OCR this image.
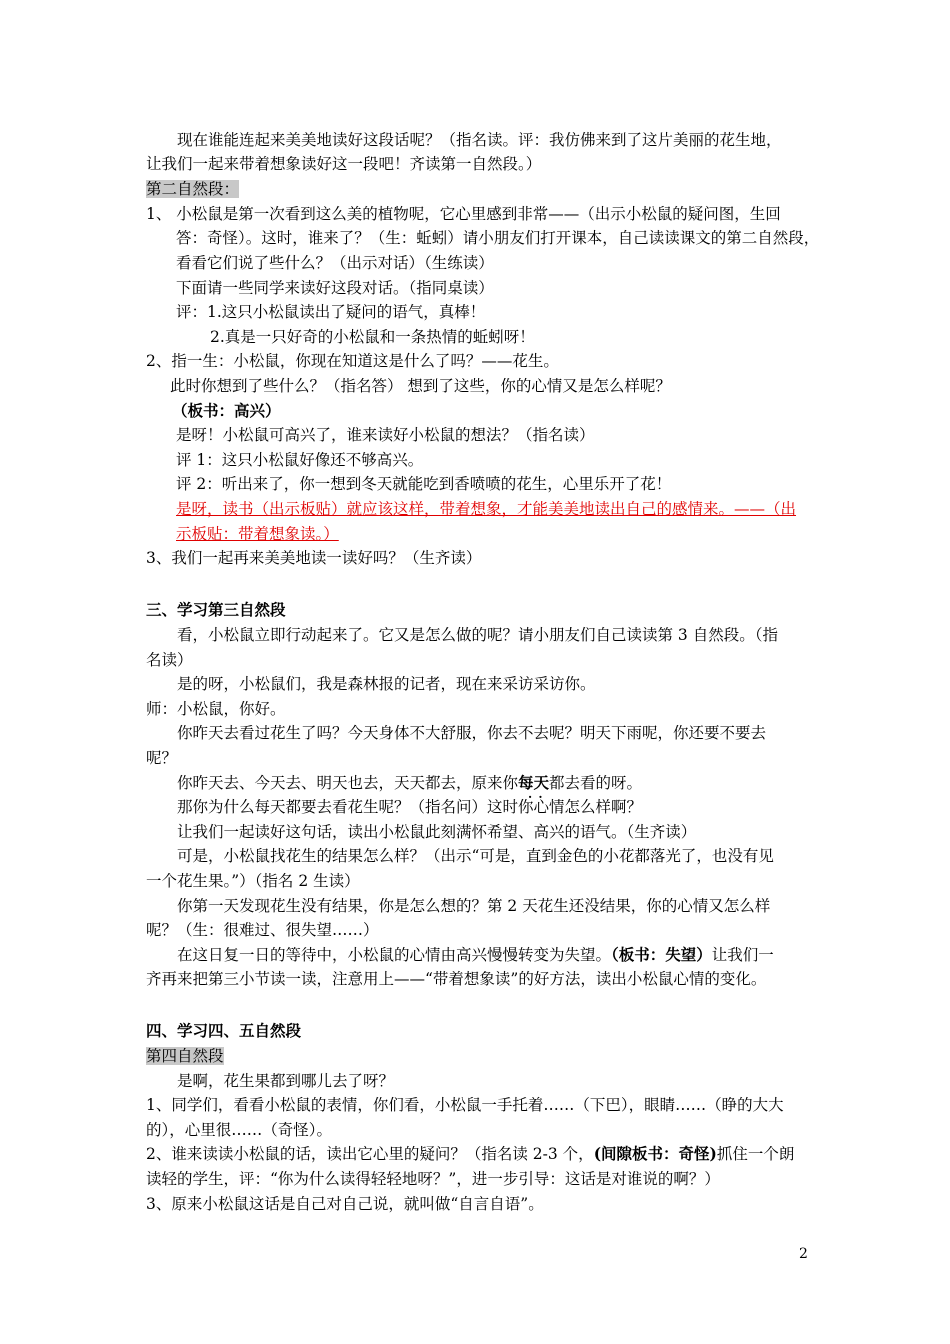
现在谁能连起来美美地读好这段话呢？（指名读。评：我仿佛来到了这片美丽的花生地，
让我们一起来带着想象读好这一段吧！齐读第一自然段。）
第二自然段：
1、 小松鼠是第一次看到这么美的植物呢，它心里感到非常——（出示小松鼠的疑问图，生回
答：奇怪）。这时，谁来了？（生：蚯蚓）请小朋友们打开课本，自己读读课文的第二自然段，
看看它们说了些什么？（出示对话）（生练读）
下面请一些同学来读好这段对话。（指同桌读）
评：1.这只小松鼠读出了疑问的语气，真棒！
2.真是一只好奇的小松鼠和一条热情的蚯蚓呀！
2、指一生：小松鼠，你现在知道这是什么了吗？——花生。
此时你想到了些什么？（指名答） 想到了这些，你的心情又是怎么样呢？
（板书：高兴）
是呀！小松鼠可高兴了，谁来读好小松鼠的想法？（指名读）
评 1：这只小松鼠好像还不够高兴。
评 2：听出来了，你一想到冬天就能吃到香喷喷的花生，心里乐开了花！
是呀，读书（出示板贴）就应该这样，带着想象，才能美美地读出自己的感情来。——（出
示板贴：带着想象读。）
3、我们一起再来美美地读一读好吗？（生齐读）
三、学习第三自然段
看，小松鼠立即行动起来了。它又是怎么做的呢？请小朋友们自己读读第 3 自然段。（指
名读）
是的呀，小松鼠们，我是森林报的记者，现在来采访采访你。
师：小松鼠，你好。
你昨天去看过花生了吗？今天身体不大舒服，你去不去呢？明天下雨呢，你还要不要去
呢？
你昨天去、今天去、明天也去，天天都去，原来你每天 · ·都去看的呀。
那你为什么每天都要去看花生呢？（指名问）这时你心情怎么样啊？
让我们一起读好这句话，读出小松鼠此刻满怀希望、高兴的语气。（生齐读）
可是，小松鼠找花生的结果怎么样？（出示“可是，直到金色的小花都落光了，也没有见
一个花生果。”）（指名 2 生读）
你第一天发现花生没有结果，你是怎么想的？第 2 天花生还没结果，你的心情又怎么样
呢？（生：很难过、很失望……）
在这日复一日的等待中，小松鼠的心情由高兴慢慢转变为失望。（板书：失望）让我们一
齐再来把第三小节读一读，注意用上——“带着想象读”的好方法，读出小松鼠心情的变化。
四、学习四、五自然段
第四自然段
是啊，花生果都到哪儿去了呀？
1、同学们，看看小松鼠的表情，你们看，小松鼠一手托着……（下巴），眼睛……（睁的大大
的），心里很……（奇怪）。
2、谁来读读小松鼠的话，读出它心里的疑问？（指名读 2-3 个，(间隙板书：奇怪)抓住一个朗
读轻的学生，评：“你为什么读得轻轻地呀？”，进一步引导：这话是对谁说的啊？）
3、原来小松鼠这话是自己对自己说，就叫做“自言自语”。
2
